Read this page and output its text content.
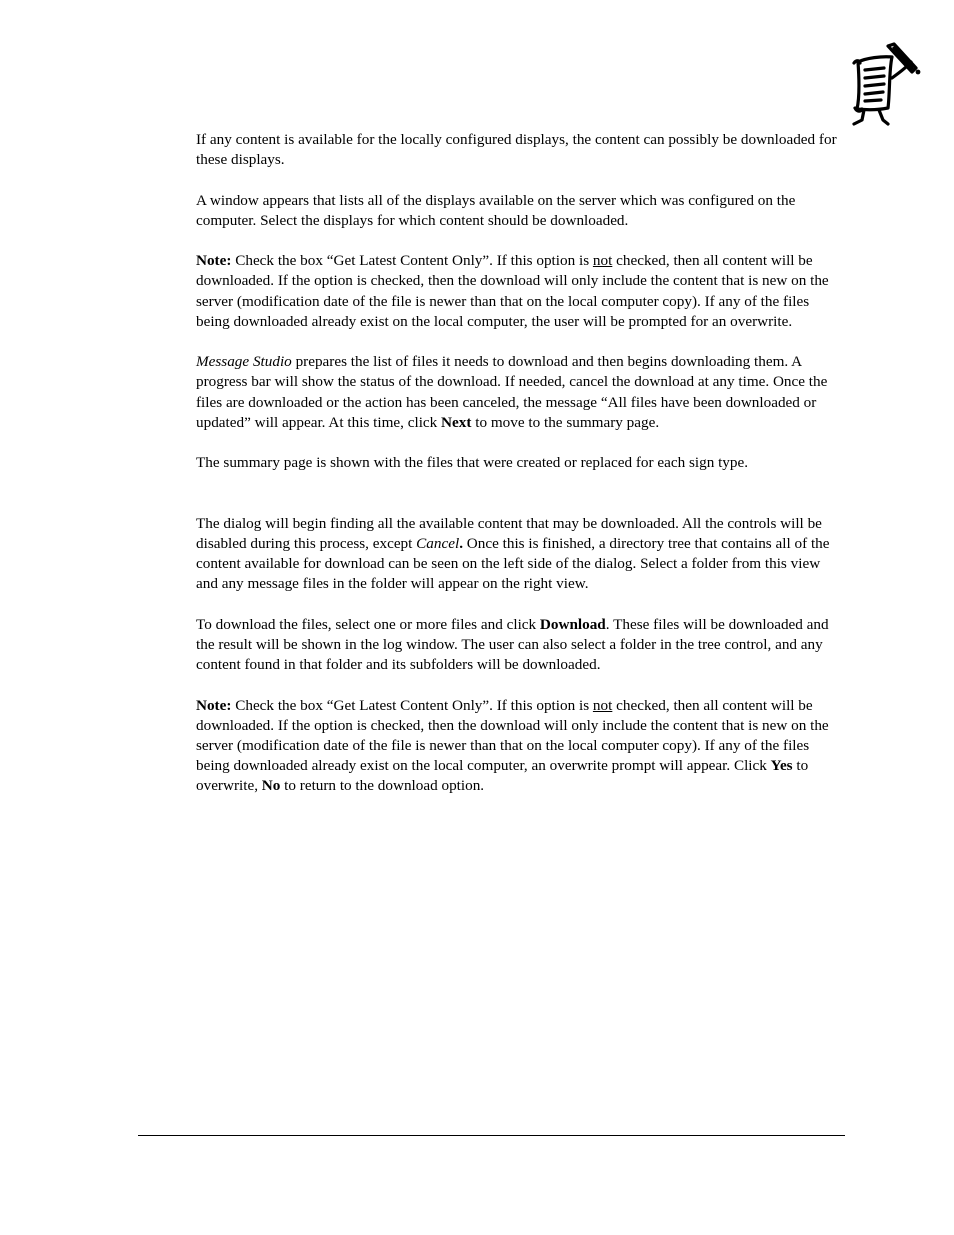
If any content is available for the locally configured displays, the content can possibly be downloaded for these displays.

A window appears that lists all of the displays available on the server which was configured on the computer. Select the displays for which content should be downloaded.

Note: Check the box “Get Latest Content Only”. If this option is not checked, then all content will be downloaded. If the option is checked, then the download will only include the content that is new on the server (modification date of the file is newer than that on the local computer copy). If any of the files being downloaded already exist on the local computer, the user will be prompted for an overwrite.

Message Studio prepares the list of files it needs to download and then begins downloading them. A progress bar will show the status of the download. If needed, cancel the download at any time. Once the files are downloaded or the action has been canceled, the message “All files have been downloaded or updated” will appear. At this time, click Next to move to the summary page.

The summary page is shown with the files that were created or replaced for each sign type.

The dialog will begin finding all the available content that may be downloaded. All the controls will be disabled during this process, except Cancel. Once this is finished, a directory tree that contains all of the content available for download can be seen on the left side of the dialog. Select a folder from this view and any message files in the folder will appear on the right view.

To download the files, select one or more files and click Download. These files will be downloaded and the result will be shown in the log window. The user can also select a folder in the tree control, and any content found in that folder and its subfolders will be downloaded.

Note: Check the box “Get Latest Content Only”. If this option is not checked, then all content will be downloaded. If the option is checked, then the download will only include the content that is new on the server (modification date of the file is newer than that on the local computer copy). If any of the files being downloaded already exist on the local computer, an overwrite prompt will appear. Click Yes to overwrite, No to return to the download option.
